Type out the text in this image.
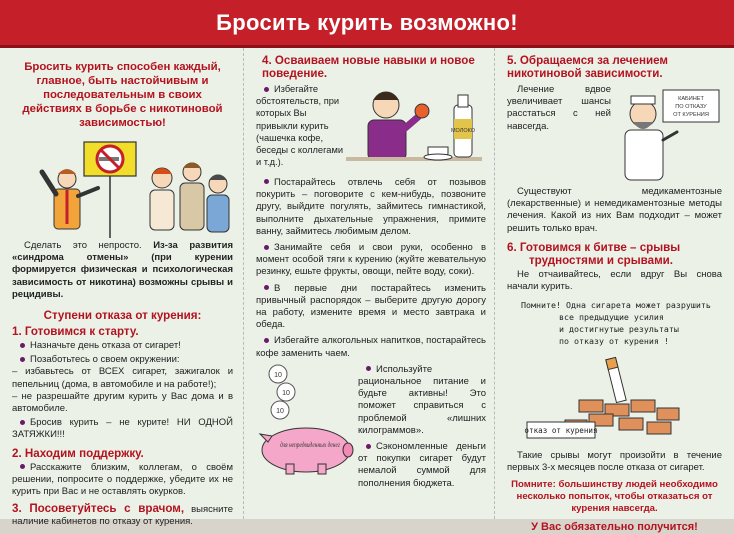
Бросить курить возможно!
Бросить курить способен каждый, главное, быть настойчивым и последовательным в своих действиях в борьбе с никотиновой зависимостью!
Сделать это непросто. Из-за развития «синдрома отмены» (при курении формируется физическая и психологическая зависимость от никотина) возможны срывы и рецидивы.
Ступени отказа от курения:
1. Готовимся к старту.
Назначьте день отказа от сигарет!
Позаботьтесь о своем окружении:
– избавьтесь от ВСЕХ сигарет, зажигалок и пепельниц (дома, в автомобиле и на работе!);
– не разрешайте другим курить у Вас дома и в автомобиле.
Бросив курить – не курите! НИ ОДНОЙ ЗАТЯЖКИ!!!
2. Находим поддержку.
Расскажите близким, коллегам, о своём решении, попросите о поддержке, убедите их не курить при Вас и не оставлять окурков.
3. Посоветуйтесь с врачом, выясните наличие кабинетов по отказу от курения.
4. Осваиваем новые навыки и новое поведение.
Избегайте обстоятельств, при которых Вы привыкли курить (чашечка кофе, беседы с коллегами и т.д.).
МОЛОКО
Постарайтесь отвлечь себя от позывов покурить – поговорите с кем-нибудь, позвоните другу, выйдите погулять, займитесь гимнастикой, выполните дыхательные упражнения, примите ванну, займитесь любимым делом.
Занимайте себя и свои руки, особенно в момент особой тяги к курению (жуйте жевательную резинку, ешьте фрукты, овощи, пейте воду, соки).
В первые дни постарайтесь изменить привычный распорядок – выберите другую дорогу на работу, измените время и место завтрака и обеда.
Избегайте алкогольных напитков, постарайтесь кофе заменить чаем.
10
10
10
для непредвиденных денег
Используйте рациональное питание и будьте активны! Это поможет справиться с проблемой «лишних килограммов».
Сэкономленные деньги от покупки сигарет будут немалой суммой для пополнения бюджета.
5. Обращаемся за лечением никотиновой зависимости.
Лечение вдвое увеличивает шансы расстаться с ней навсегда.
КАБИНЕТ ПО ОТКАЗУ ОТ КУРЕНИЯ
Существуют медикаментозные (лекарственные) и немедикаментозные методы лечения. Какой из них Вам подходит – может решить только врач.
6. Готовимся к битве – срывы
трудностями и срывами.
Не отчаивайтесь, если вдруг Вы снова начали курить.
Помните! Одна сигарета может разрушить все предыдущие усилия и достигнутые результаты по отказу от курения !
отказ от курения
Такие срывы могут произойти в течение первых 3-х месяцев после отказа от сигарет.
Помните: большинству людей необходимо несколько попыток, чтобы отказаться от курения навсегда.
У Вас обязательно получится!
